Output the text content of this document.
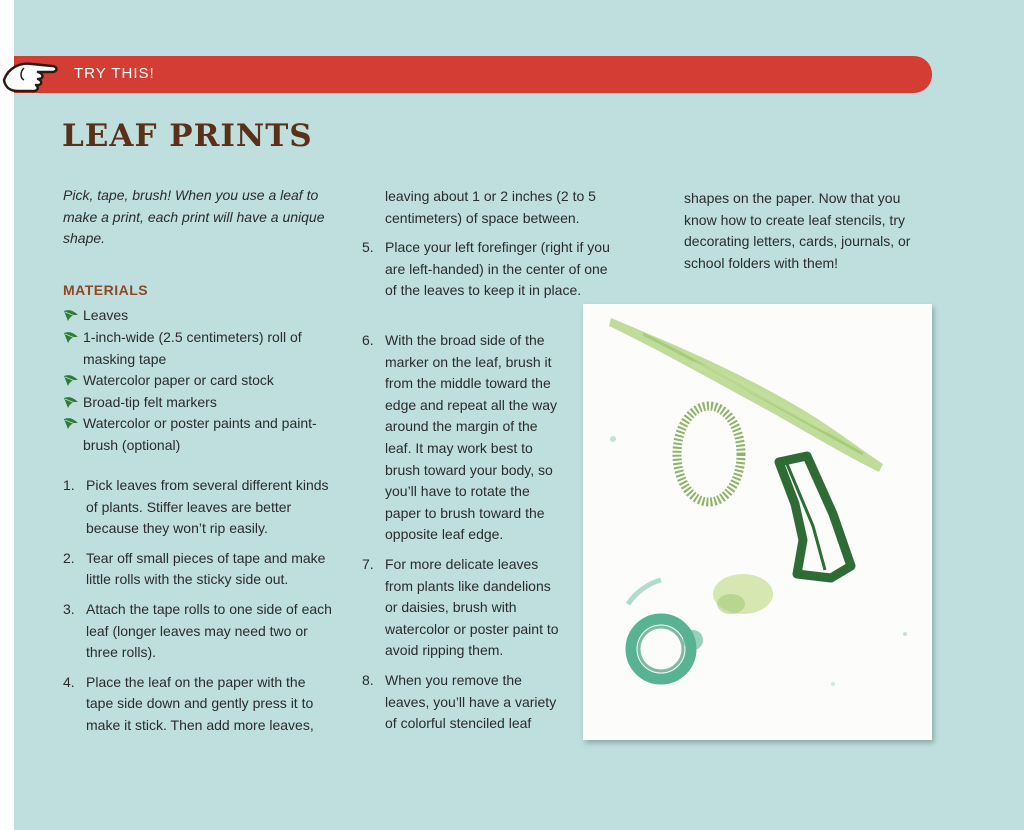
TRY THIS!
LEAF PRINTS

Pick, tape, brush! When you use a leaf to make a print, each print will have a unique shape.

MATERIALS
Leaves
1-inch-wide (2.5 centimeters) roll of masking tape
Watercolor paper or card stock
Broad-tip felt markers
Watercolor or poster paints and paint-brush (optional)
1. Pick leaves from several different kinds of plants. Stiffer leaves are better because they won’t rip easily.
2. Tear off small pieces of tape and make little rolls with the sticky side out.
3. Attach the tape rolls to one side of each leaf (longer leaves may need two or three rolls).
4. Place the leaf on the paper with the tape side down and gently press it to make it stick. Then add more leaves,

leaving about 1 or 2 inches (2 to 5 centimeters) of space between.

5. Place your left forefinger (right if you are left-handed) in the center of one of the leaves to keep it in place.
6. With the broad side of the marker on the leaf, brush it from the middle toward the edge and repeat all the way around the margin of the leaf. It may work best to brush toward your body, so you’ll have to rotate the paper to brush toward the opposite leaf edge.
7. For more delicate leaves from plants like dandelions or daisies, brush with watercolor or poster paint to avoid ripping them.
8. When you remove the leaves, you’ll have a variety of colorful stenciled leaf

shapes on the paper. Now that you know how to create leaf stencils, try decorating letters, cards, journals, or school folders with them!
